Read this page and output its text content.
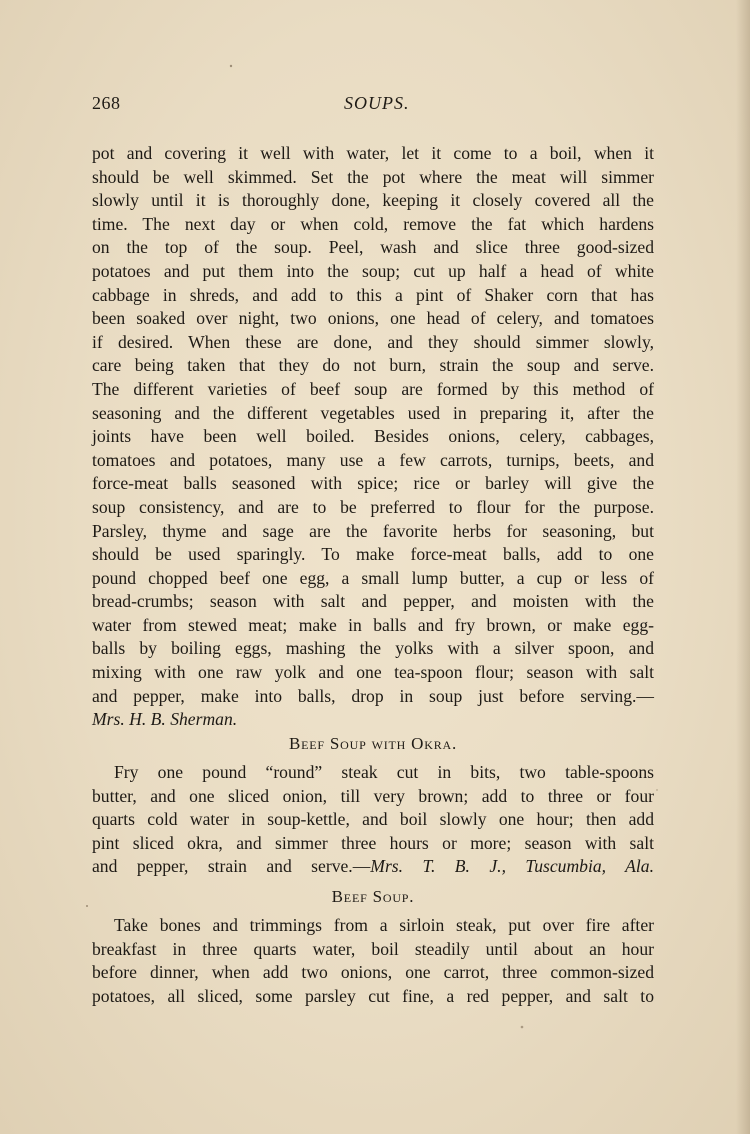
268	SOUPS.
pot and covering it well with water, let it come to a boil, when it
should be well skimmed. Set the pot where the meat will simmer
slowly until it is thoroughly done, keeping it closely covered all the
time. The next day or when cold, remove the fat which hardens
on the top of the soup. Peel, wash and slice three good-sized
potatoes and put them into the soup; cut up half a head of white
cabbage in shreds, and add to this a pint of Shaker corn that has
been soaked over night, two onions, one head of celery, and tomatoes
if desired. When these are done, and they should simmer slowly,
care being taken that they do not burn, strain the soup and serve.
The different varieties of beef soup are formed by this method of
seasoning and the different vegetables used in preparing it, after the
joints have been well boiled. Besides onions, celery, cabbages,
tomatoes and potatoes, many use a few carrots, turnips, beets, and
force-meat balls seasoned with spice; rice or barley will give the
soup consistency, and are to be preferred to flour for the purpose.
Parsley, thyme and sage are the favorite herbs for seasoning, but
should be used sparingly. To make force-meat balls, add to one
pound chopped beef one egg, a small lump butter, a cup or less of
bread-crumbs; season with salt and pepper, and moisten with the
water from stewed meat; make in balls and fry brown, or make egg-
balls by boiling eggs, mashing the yolks with a silver spoon, and
mixing with one raw yolk and one tea-spoon flour; season with salt
and pepper, make into balls, drop in soup just before serving.—
Mrs. H. B. Sherman.
Beef Soup with Okra.
Fry one pound “round” steak cut in bits, two table-spoons
butter, and one sliced onion, till very brown; add to three or four
quarts cold water in soup-kettle, and boil slowly one hour; then add
pint sliced okra, and simmer three hours or more; season with salt
and pepper, strain and serve.—Mrs. T. B. J., Tuscumbia, Ala.
Beef Soup.
Take bones and trimmings from a sirloin steak, put over fire after
breakfast in three quarts water, boil steadily until about an hour
before dinner, when add two onions, one carrot, three common-sized
potatoes, all sliced, some parsley cut fine, a red pepper, and salt to
